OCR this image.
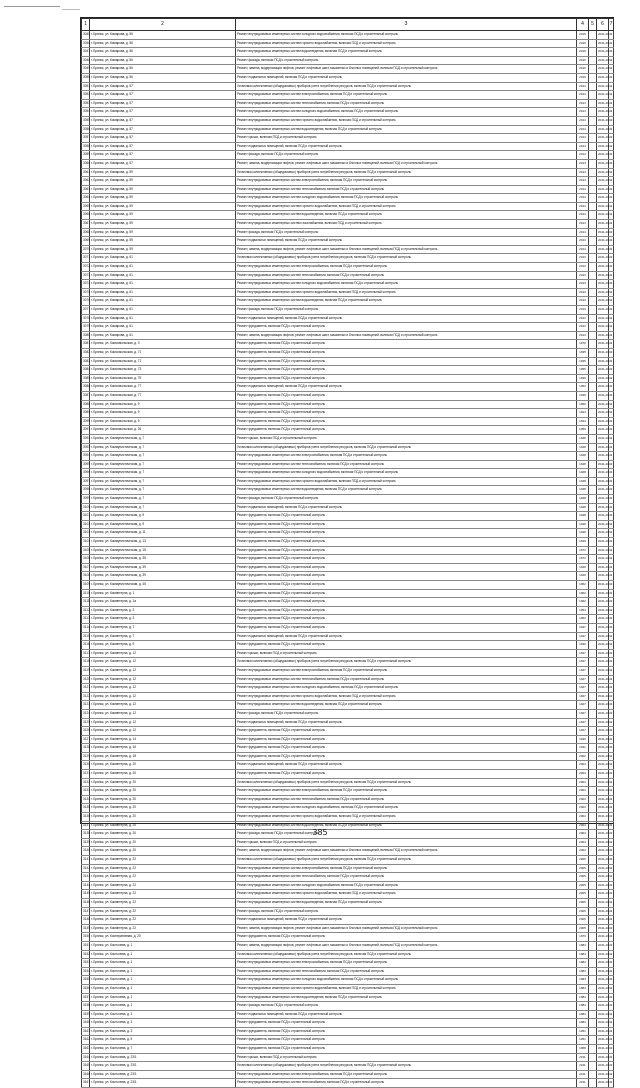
1	2	3	4	5	6	7
3045	г. Брянск, ул. Комарова, д. 56	Ремонт внутридомовых инженерных систем холодного водоснабжения, включая ПСД и строительный контроль	2016		2041-2043	
3046	г. Брянск, ул. Комарова, д. 56	Ремонт внутридомовых инженерных систем горячего водоснабжения, включая ПСД и строительный контроль	2016		2041-2043	
3047	г. Брянск, ул. Комарова, д. 56	Ремонт внутридомовых инженерных систем водоотведения, включая ПСД и строительный контроль	2016		2041-2043	
3048	г. Брянск, ул. Комарова, д. 56	Ремонт фасада, включая ПСД и строительный контроль	2016		2041-2043	
3049	г. Брянск, ул. Комарова, д. 56	Ремонт, замена, модернизация лифтов, ремонт лифтовых шахт, машинных и блочных помещений, включая ПСД и строительный контроль	2016		2041-2043	
3050	г. Брянск, ул. Комарова, д. 56	Ремонт подвальных помещений, включая ПСД и строительный контроль	2016		2041-2043	
3051	г. Брянск, ул. Комарова, д. 57	Установка коллективных (общедомовых) приборов учета потребления ресурсов, включая ПСД и строительный контроль	2014		2041-2043	
3052	г. Брянск, ул. Комарова, д. 57	Ремонт внутридомовых инженерных систем электроснабжения, включая ПСД и строительный контроль	2014		2041-2043	
3053	г. Брянск, ул. Комарова, д. 57	Ремонт внутридомовых инженерных систем теплоснабжения, включая ПСД и строительный контроль	2014		2041-2043	
3054	г. Брянск, ул. Комарова, д. 57	Ремонт внутридомовых инженерных систем холодного водоснабжения, включая ПСД и строительный контроль	2014		2041-2043	
3055	г. Брянск, ул. Комарова, д. 57	Ремонт внутридомовых инженерных систем горячего водоснабжения, включая ПСД и строительный контроль	2014		2041-2043	
3056	г. Брянск, ул. Комарова, д. 57	Ремонт внутридомовых инженерных систем водоотведения, включая ПСД и строительный контроль	2014		2041-2043	
3057	г. Брянск, ул. Комарова, д. 57	Ремонт крыши, включая ПСД и строительный контроль	2014		2041-2043	
3058	г. Брянск, ул. Комарова, д. 57	Ремонт подвальных помещений, включая ПСД и строительный контроль	2014		2041-2043	
3059	г. Брянск, ул. Комарова, д. 57	Ремонт фасада, включая ПСД и строительный контроль	2014		2041-2043	
3060	г. Брянск, ул. Комарова, д. 57	Ремонт, замена, модернизация лифтов, ремонт лифтовых шахт, машинных и блочных помещений, включая ПСД и строительный контроль	2014		2041-2043	
3061	г. Брянск, ул. Комарова, д. 59	Установка коллективных (общедомовых) приборов учета потребления ресурсов, включая ПСД и строительный контроль	2014		2041-2043	
3062	г. Брянск, ул. Комарова, д. 59	Ремонт внутридомовых инженерных систем электроснабжения, включая ПСД и строительный контроль	2014		2041-2043	
3063	г. Брянск, ул. Комарова, д. 59	Ремонт внутридомовых инженерных систем теплоснабжения, включая ПСД и строительный контроль	2014		2041-2043	
3064	г. Брянск, ул. Комарова, д. 59	Ремонт внутридомовых инженерных систем холодного водоснабжения, включая ПСД и строительный контроль	2014		2041-2043	
3065	г. Брянск, ул. Комарова, д. 59	Ремонт внутридомовых инженерных систем горячего водоснабжения, включая ПСД и строительный контроль	2014		2041-2043	
3066	г. Брянск, ул. Комарова, д. 59	Ремонт внутридомовых инженерных систем водоотведения, включая ПСД и строительный контроль	2014		2041-2043	
3067	г. Брянск, ул. Комарова, д. 59	Ремонт внутридомовых инженерных систем газоснабжения, включая ПСД и строительный контроль	2014		2041-2043	
3068	г. Брянск, ул. Комарова, д. 59	Ремонт фасада, включая ПСД и строительный контроль	2014		2041-2043	
3069	г. Брянск, ул. Комарова, д. 59	Ремонт подвальных помещений, включая ПСД и строительный контроль	2014		2041-2043	
3070	г. Брянск, ул. Комарова, д. 59	Ремонт, замена, модернизация лифтов, ремонт лифтовых шахт, машинных и блочных помещений, включая ПСД и строительный контроль	2014		2041-2043	
3071	г. Брянск, ул. Комарова, д. 61	Установка коллективных (общедомовых) приборов учета потребления ресурсов, включая ПСД и строительный контроль	2013		2041-2043	
3072	г. Брянск, ул. Комарова, д. 61	Ремонт внутридомовых инженерных систем электроснабжения, включая ПСД и строительный контроль	2013		2041-2043	
3073	г. Брянск, ул. Комарова, д. 61	Ремонт внутридомовых инженерных систем теплоснабжения, включая ПСД и строительный контроль	2013		2041-2043	
3074	г. Брянск, ул. Комарова, д. 61	Ремонт внутридомовых инженерных систем холодного водоснабжения, включая ПСД и строительный контроль	2013		2041-2043	
3075	г. Брянск, ул. Комарова, д. 61	Ремонт внутридомовых инженерных систем горячего водоснабжения, включая ПСД и строительный контроль	2013		2041-2043	
3076	г. Брянск, ул. Комарова, д. 61	Ремонт внутридомовых инженерных систем водоотведения, включая ПСД и строительный контроль	2013		2041-2043	
3077	г. Брянск, ул. Комарова, д. 61	Ремонт фасада, включая ПСД и строительный контроль	2013		2041-2043	
3078	г. Брянск, ул. Комарова, д. 61	Ремонт подвальных помещений, включая ПСД и строительный контроль	2013		2041-2043	
3079	г. Брянск, ул. Комарова, д. 61	Ремонт фундамента, включая ПСД и строительный контроль	2013		2041-2043	
3080	г. Брянск, ул. Комарова, д. 61	Ремонт, замена, модернизация лифтов, ремонт лифтовых шахт, машинных и блочных помещений, включая ПСД и строительный контроль	2013		2041-2043	
3081	г. Брянск, ул. Комсомольская, д. 3	Ремонт фундамента, включая ПСД и строительный контроль	1976		2041-2043	
3082	г. Брянск, ул. Комсомольская, д. 71	Ремонт фундамента, включая ПСД и строительный контроль	1935		2041-2043	
3083	г. Брянск, ул. Комсомольская, д. 71	Ремонт фундамента, включая ПСД и строительный контроль	1935		2041-2043	
3084	г. Брянск, ул. Комсомольская, д. 73	Ремонт фундамента, включая ПСД и строительный контроль	1955		2041-2043	
3085	г. Брянск, ул. Комсомольская, д. 75	Ремонт фундамента, включая ПСД и строительный контроль	1936		2041-2043	
3086	г. Брянск, ул. Комсомольская, д. 77	Ремонт подвальных помещений, включая ПСД и строительный контроль	1953		2041-2043	
3087	г. Брянск, ул. Комсомольская, д. 77	Ремонт фундамента, включая ПСД и строительный контроль	1936		2041-2043	
3088	г. Брянск, ул. Комсомольская, д. 9	Ремонт фундамента, включая ПСД и строительный контроль	1960		2041-2043	
3089	г. Брянск, ул. Комсомольская, д. 9	Ремонт фундамента, включая ПСД и строительный контроль	1924		2041-2043	
3090	г. Брянск, ул. Комсомольская, д. 9	Ремонт фундамента, включая ПСД и строительный контроль	1924		2041-2043	
3091	г. Брянск, ул. Комсомольская, д. 26	Ремонт фундамента, включая ПСД и строительный контроль	1950		2041-2043	
3092	г. Брянск, ул. Коммунистическая, д. 7	Ремонт крыши, включая ПСД и строительный контроль	1948		2041-2043	
3093	г. Брянск, ул. Коммунистическая, д. 7	Установка коллективных (общедомовых) приборов учета потребления ресурсов, включая ПСД и строительный контроль	1948		2041-2043	
3094	г. Брянск, ул. Коммунистическая, д. 7	Ремонт внутридомовых инженерных систем электроснабжения, включая ПСД и строительный контроль	1948		2041-2043	
3095	г. Брянск, ул. Коммунистическая, д. 7	Ремонт внутридомовых инженерных систем теплоснабжения, включая ПСД и строительный контроль	1948		2041-2043	
3096	г. Брянск, ул. Коммунистическая, д. 7	Ремонт внутридомовых инженерных систем холодного водоснабжения, включая ПСД и строительный контроль	1948		2041-2043	
3097	г. Брянск, ул. Коммунистическая, д. 7	Ремонт внутридомовых инженерных систем горячего водоснабжения, включая ПСД и строительный контроль	1948		2041-2043	
3098	г. Брянск, ул. Коммунистическая, д. 7	Ремонт внутридомовых инженерных систем водоотведения, включая ПСД и строительный контроль	1948		2041-2043	
3099	г. Брянск, ул. Коммунистическая, д. 7	Ремонт фасада, включая ПСД и строительный контроль	1948		2041-2043	
3100	г. Брянск, ул. Коммунистическая, д. 7	Ремонт подвальных помещений, включая ПСД и строительный контроль	1948		2041-2043	
3101	г. Брянск, ул. Коммунистическая, д. 9	Ремонт фундамента, включая ПСД и строительный контроль	1948		2041-2043	
3102	г. Брянск, ул. Коммунистическая, д. 9	Ремонт фундамента, включая ПСД и строительный контроль	1948		2041-2043	
3103	г. Брянск, ул. Коммунистическая, д. 11	Ремонт фундамента, включая ПСД и строительный контроль	1948		2041-2043	
3104	г. Брянск, ул. Коммунистическая, д. 13	Ремонт фундамента, включая ПСД и строительный контроль	1949		2041-2043	
3105	г. Брянск, ул. Коммунистическая, д. 15	Ремонт фундамента, включая ПСД и строительный контроль	1973		2041-2043	
3106	г. Брянск, ул. Коммунистическая, д. 35	Ремонт фундамента, включая ПСД и строительный контроль	1973		2041-2043	
3107	г. Брянск, ул. Коммунистическая, д. 39	Ремонт фундамента, включая ПСД и строительный контроль	1949		2041-2043	
3108	г. Брянск, ул. Коммунистическая, д. 39	Ремонт фундамента, включая ПСД и строительный контроль	1949		2041-2043	
3109	г. Брянск, ул. Коммунистическая, д. 45	Ремонт фундамента, включая ПСД и строительный контроль	1952		2041-2043	
3110	г. Брянск, ул. Коминтерна, д. 1	Ремонт фундамента, включая ПСД и строительный контроль	1962		2041-2043	
3111	г. Брянск, ул. Коминтерна, д. 1а	Ремонт фундамента, включая ПСД и строительный контроль	1962		2041-2043	
3112	г. Брянск, ул. Коминтерна, д. 3	Ремонт фундамента, включая ПСД и строительный контроль	1954		2041-2043	
3113	г. Брянск, ул. Коминтерна, д. 3	Ремонт фундамента, включая ПСД и строительный контроль	1963		2041-2043	
3114	г. Брянск, ул. Коминтерна, д. 7	Ремонт фундамента, включая ПСД и строительный контроль	1947		2041-2043	
3115	г. Брянск, ул. Коминтерна, д. 7	Ремонт подвальных помещений, включая ПСД и строительный контроль	1947		2041-2043	
3116	г. Брянск, ул. Коминтерна, д. 9	Ремонт фундамента, включая ПСД и строительный контроль	1930		2041-2043	
3117	г. Брянск, ул. Коминтерна, д. 12	Ремонт крыши, включая ПСД и строительный контроль	1927		2041-2043	
3118	г. Брянск, ул. Коминтерна, д. 12	Установка коллективных (общедомовых) приборов учета потребления ресурсов, включая ПСД и строительный контроль	1927		2041-2043	
3119	г. Брянск, ул. Коминтерна, д. 12	Ремонт внутридомовых инженерных систем электроснабжения, включая ПСД и строительный контроль	1927		2041-2043	
3120	г. Брянск, ул. Коминтерна, д. 12	Ремонт внутридомовых инженерных систем теплоснабжения, включая ПСД и строительный контроль	1927		2041-2043	
3121	г. Брянск, ул. Коминтерна, д. 12	Ремонт внутридомовых инженерных систем холодного водоснабжения, включая ПСД и строительный контроль	1927		2041-2043	
3122	г. Брянск, ул. Коминтерна, д. 12	Ремонт внутридомовых инженерных систем горячего водоснабжения, включая ПСД и строительный контроль	1927		2041-2043	
3123	г. Брянск, ул. Коминтерна, д. 12	Ремонт внутридомовых инженерных систем водоотведения, включая ПСД и строительный контроль	1927		2041-2043	
3124	г. Брянск, ул. Коминтерна, д. 12	Ремонт фасада, включая ПСД и строительный контроль	1927		2041-2043	
3125	г. Брянск, ул. Коминтерна, д. 12	Ремонт подвальных помещений, включая ПСД и строительный контроль	1927		2041-2043	
3126	г. Брянск, ул. Коминтерна, д. 12	Ремонт фундамента, включая ПСД и строительный контроль	1927		2041-2043	
3127	г. Брянск, ул. Коминтерна, д. 14	Ремонт фундамента, включая ПСД и строительный контроль	1936		2041-2043	
3128	г. Брянск, ул. Коминтерна, д. 16	Ремонт фундамента, включая ПСД и строительный контроль	1931		2041-2043	
3129	г. Брянск, ул. Коминтерна, д. 18	Ремонт фундамента, включая ПСД и строительный контроль	2002		2041-2043	
3130	г. Брянск, ул. Коминтерна, д. 20	Ремонт подвальных помещений, включая ПСД и строительный контроль	2004		2041-2043	
3131	г. Брянск, ул. Коминтерна, д. 20	Ремонт фундамента, включая ПСД и строительный контроль	2004		2041-2043	
3132	г. Брянск, ул. Коминтерна, д. 20	Установка коллективных (общедомовых) приборов учета потребления ресурсов, включая ПСД и строительный контроль	2004		2041-2043	
3133	г. Брянск, ул. Коминтерна, д. 20	Ремонт внутридомовых инженерных систем электроснабжения, включая ПСД и строительный контроль	2004		2041-2043	
3134	г. Брянск, ул. Коминтерна, д. 20	Ремонт внутридомовых инженерных систем теплоснабжения, включая ПСД и строительный контроль	2004		2041-2043	
3135	г. Брянск, ул. Коминтерна, д. 20	Ремонт внутридомовых инженерных систем холодного водоснабжения, включая ПСД и строительный контроль	2004		2041-2043	
3136	г. Брянск, ул. Коминтерна, д. 20	Ремонт внутридомовых инженерных систем горячего водоснабжения, включая ПСД и строительный контроль	2004		2041-2043	
3137	г. Брянск, ул. Коминтерна, д. 20	Ремонт внутридомовых инженерных систем водоотведения, включая ПСД и строительный контроль	2004		2041-2043	
3138	г. Брянск, ул. Коминтерна, д. 20	Ремонт фасада, включая ПСД и строительный контроль	2004		2041-2043	
3139	г. Брянск, ул. Коминтерна, д. 20	Ремонт крыши, включая ПСД и строительный контроль	2004		2041-2043	
3140	г. Брянск, ул. Коминтерна, д. 20	Ремонт, замена, модернизация лифтов, ремонт лифтовых шахт, машинных и блочных помещений, включая ПСД и строительный контроль	2004		2041-2043	
3141	г. Брянск, ул. Коминтерна, д. 22	Установка коллективных (общедомовых) приборов учета потребления ресурсов, включая ПСД и строительный контроль	2005		2041-2043	
3142	г. Брянск, ул. Коминтерна, д. 22	Ремонт внутридомовых инженерных систем электроснабжения, включая ПСД и строительный контроль	2005		2041-2043	
3143	г. Брянск, ул. Коминтерна, д. 22	Ремонт внутридомовых инженерных систем теплоснабжения, включая ПСД и строительный контроль	2005		2041-2043	
3144	г. Брянск, ул. Коминтерна, д. 22	Ремонт внутридомовых инженерных систем холодного водоснабжения, включая ПСД и строительный контроль	2005		2041-2043	
3145	г. Брянск, ул. Коминтерна, д. 22	Ремонт внутридомовых инженерных систем горячего водоснабжения, включая ПСД и строительный контроль	2005		2041-2043	
3146	г. Брянск, ул. Коминтерна, д. 22	Ремонт внутридомовых инженерных систем водоотведения, включая ПСД и строительный контроль	2005		2041-2043	
3147	г. Брянск, ул. Коминтерна, д. 22	Ремонт фасада, включая ПСД и строительный контроль	2005		2041-2043	
3148	г. Брянск, ул. Коминтерна, д. 22	Ремонт подвальных помещений, включая ПСД и строительный контроль	2005		2041-2043	
3149	г. Брянск, ул. Коминтерна, д. 22	Ремонт, замена, модернизация лифтов, ремонт лифтовых шахт, машинных и блочных помещений, включая ПСД и строительный контроль	2005		2041-2043	
3150	г. Брянск, ул. Кооперативная, д. 20	Ремонт фундамента, включая ПСД и строительный контроль	1973		2041-2043	
3151	г. Брянск, ул. Костычева, д. 1	Ремонт, замена, модернизация лифтов, ремонт лифтовых шахт, машинных и блочных помещений, включая ПСД и строительный контроль	1984		2041-2043	
3152	г. Брянск, ул. Костычева, д. 1	Установка коллективных (общедомовых) приборов учета потребления ресурсов, включая ПСД и строительный контроль	1984		2041-2043	
3153	г. Брянск, ул. Костычева, д. 1	Ремонт внутридомовых инженерных систем электроснабжения, включая ПСД и строительный контроль	1984		2041-2043	
3154	г. Брянск, ул. Костычева, д. 1	Ремонт внутридомовых инженерных систем теплоснабжения, включая ПСД и строительный контроль	1984		2041-2043	
3155	г. Брянск, ул. Костычева, д. 1	Ремонт внутридомовых инженерных систем холодного водоснабжения, включая ПСД и строительный контроль	1984		2041-2043	
3156	г. Брянск, ул. Костычева, д. 1	Ремонт внутридомовых инженерных систем горячего водоснабжения, включая ПСД и строительный контроль	1984		2041-2043	
3157	г. Брянск, ул. Костычева, д. 1	Ремонт внутридомовых инженерных систем водоотведения, включая ПСД и строительный контроль	1984		2041-2043	
3158	г. Брянск, ул. Костычева, д. 1	Ремонт фасада, включая ПСД и строительный контроль	1984		2041-2043	
3159	г. Брянск, ул. Костычева, д. 1	Ремонт подвальных помещений, включая ПСД и строительный контроль	1984		2041-2043	
3160	г. Брянск, ул. Костычева, д. 1	Ремонт фундамента, включая ПСД и строительный контроль	1984		2041-2043	
3161	г. Брянск, ул. Костычева, д. 3	Ремонт фундамента, включая ПСД и строительный контроль	1951		2041-2043	
3162	г. Брянск, ул. Костычева, д. 5	Ремонт фундамента, включая ПСД и строительный контроль	1951		2041-2043	
3163	г. Брянск, ул. Костычева, д. 7	Ремонт фундамента, включая ПСД и строительный контроль	1958		2041-2043	
3164	г. Брянск, ул. Костычева, д. 23/1	Ремонт крыши, включая ПСД и строительный контроль	2011		2041-2043	
3165	г. Брянск, ул. Костычева, д. 23/1	Установка коллективных (общедомовых) приборов учета потребления ресурсов, включая ПСД и строительный контроль	2011		2041-2043	
3166	г. Брянск, ул. Костычева, д. 23/1	Ремонт внутридомовых инженерных систем электроснабжения, включая ПСД и строительный контроль	2011		2041-2043	
3167	г. Брянск, ул. Костычева, д. 23/1	Ремонт внутридомовых инженерных систем теплоснабжения, включая ПСД и строительный контроль	2011		2041-2043	
385
